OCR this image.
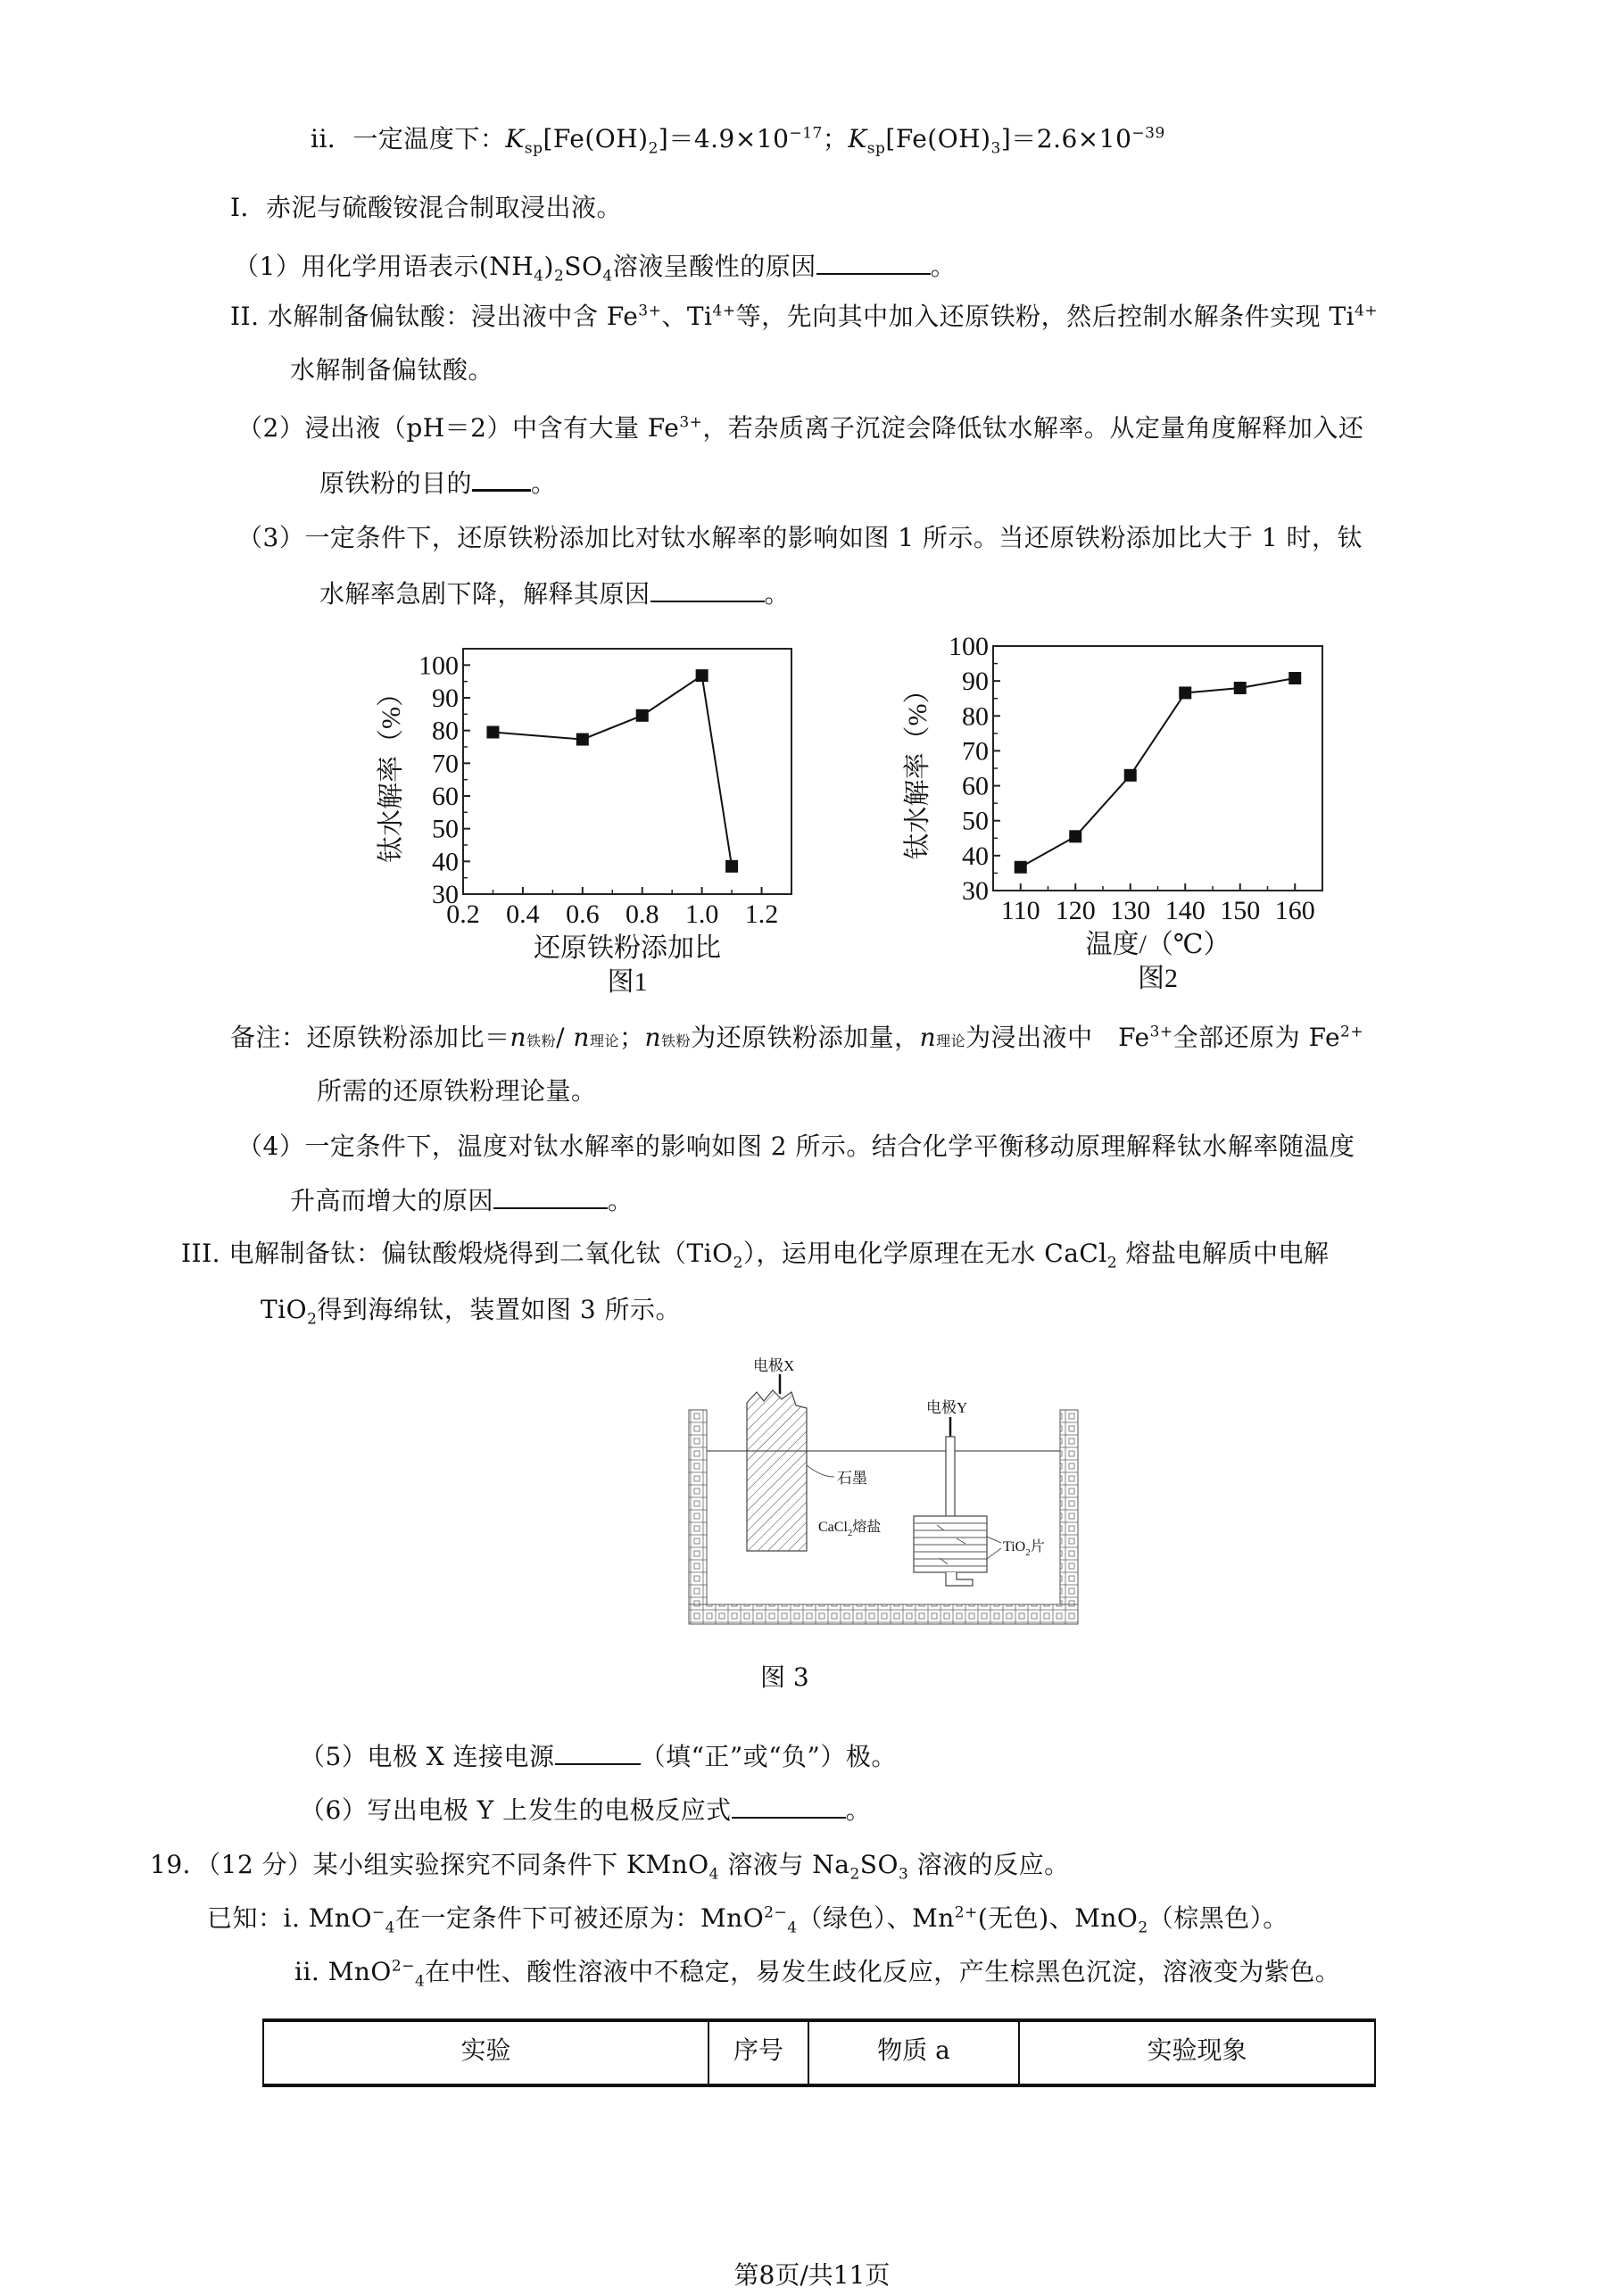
ii．一定温度下：$K_{sp}[Fe(OH)_2]=4.9\times 10^{-17}$；$K_{sp}[Fe(OH)_3]=2.6\times 10^{-39}$
I．赤泥与硫酸铵混合制取浸出液。
（1）用化学用语表示$(NH_4)_2SO_4$溶液呈酸性的原因	。
II. 水解制备偏钛酸：浸出液中含 $Fe^{3+}$、$Ti^{4+}$等，先向其中加入还原铁粉，然后控制水解条件实现 $Ti^{4+}$
水解制备偏钛酸。
（2）浸出液（pH＝2）中含有大量 $Fe^{3+}$，若杂质离子沉淀会降低钛水解率。从定量角度解释加入还
原铁粉的目的 。
（3）一定条件下，还原铁粉添加比对钛水解率的影响如图 1 所示。当还原铁粉添加比大于 1 时，钛
水解率急剧下降，解释其原因	。
30
40
50
60
70
80
90
100
0.2 0.4 0.6 0.8 1.0 1.2
还原铁粉添加比
钛水解率（%）
图1
30
40
50
60
70
80
90
100
110 120 130 140 150 160
温度/（℃）
钛水解率（%）
图2
备注：还原铁粉添加比＝n铁粉/ n理论；n铁粉为还原铁粉添加量，n理论为浸出液中　$Fe^{3+}$全部还原为 $Fe^{2+}$
所需的还原铁粉理论量。
（4）一定条件下，温度对钛水解率的影响如图 2 所示。结合化学平衡移动原理解释钛水解率随温度
升高而增大的原因	。
III. 电解制备钛：偏钛酸煅烧得到二氧化钛（TiO$_2$），运用电化学原理在无水 CaCl$_2$ 熔盐电解质中电解
TiO$_2$得到海绵钛，装置如图 3 所示。
电极X
石墨
CaCl$_2$熔盐
电极Y
TiO$_2$片
图 3
（5）电极 X 连接电源	（填“正”或“负”）极。
（6）写出电极 Y 上发生的电极反应式	。
19．（12 分）某小组实验探究不同条件下 KMnO$_4$ 溶液与 $Na_2SO_3$ 溶液的反应。
已知：i. MnO−$_4$在一定条件下可被还原为：MnO$^{2-}_4$（绿色）、$Mn^{2+}$(无色)、MnO$_2$（棕黑色）。
ii. MnO$^{2-}_4$在中性、酸性溶液中不稳定，易发生歧化反应，产生棕黑色沉淀，溶液变为紫色。
实验	序号	物质 a	实验现象
第8页/共11页
